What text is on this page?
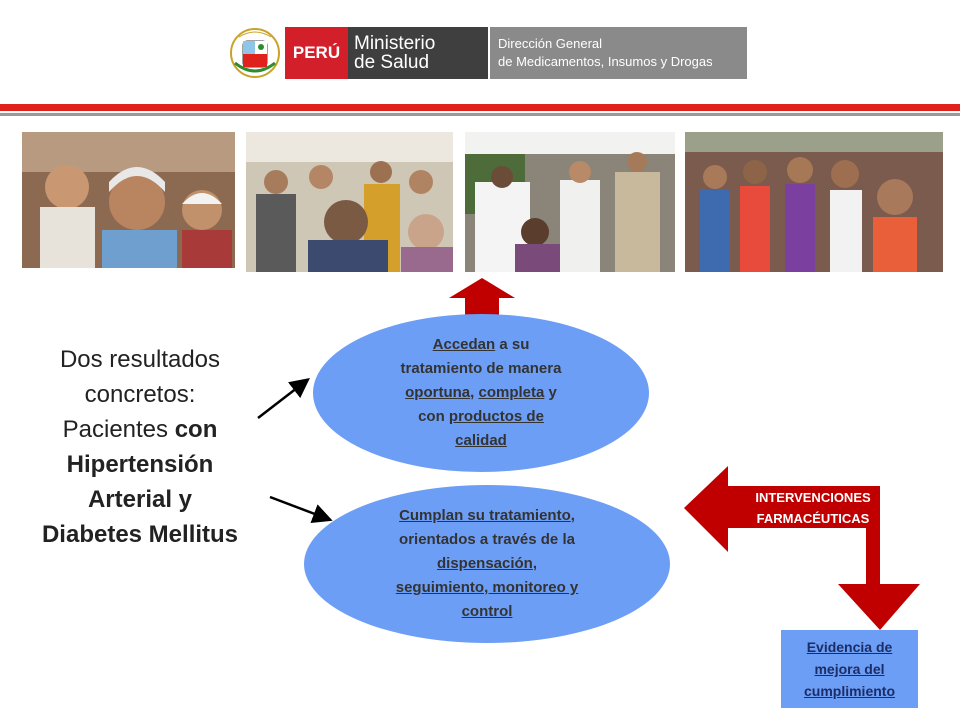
PERÚ Ministerio
de Salud
Dirección General
de Medicamentos, Insumos y Drogas
Dos resultados
concretos:
Pacientes con
Hipertensión
Arterial y
Diabetes Mellitus
Accedan a su
tratamiento de manera
oportuna, completa y
con productos de
calidad
Cumplan su tratamiento,
orientados a través de la
dispensación,
seguimiento, monitoreo y
control
INTERVENCIONES
FARMACÉUTICAS
Evidencia de
mejora del
cumplimiento
